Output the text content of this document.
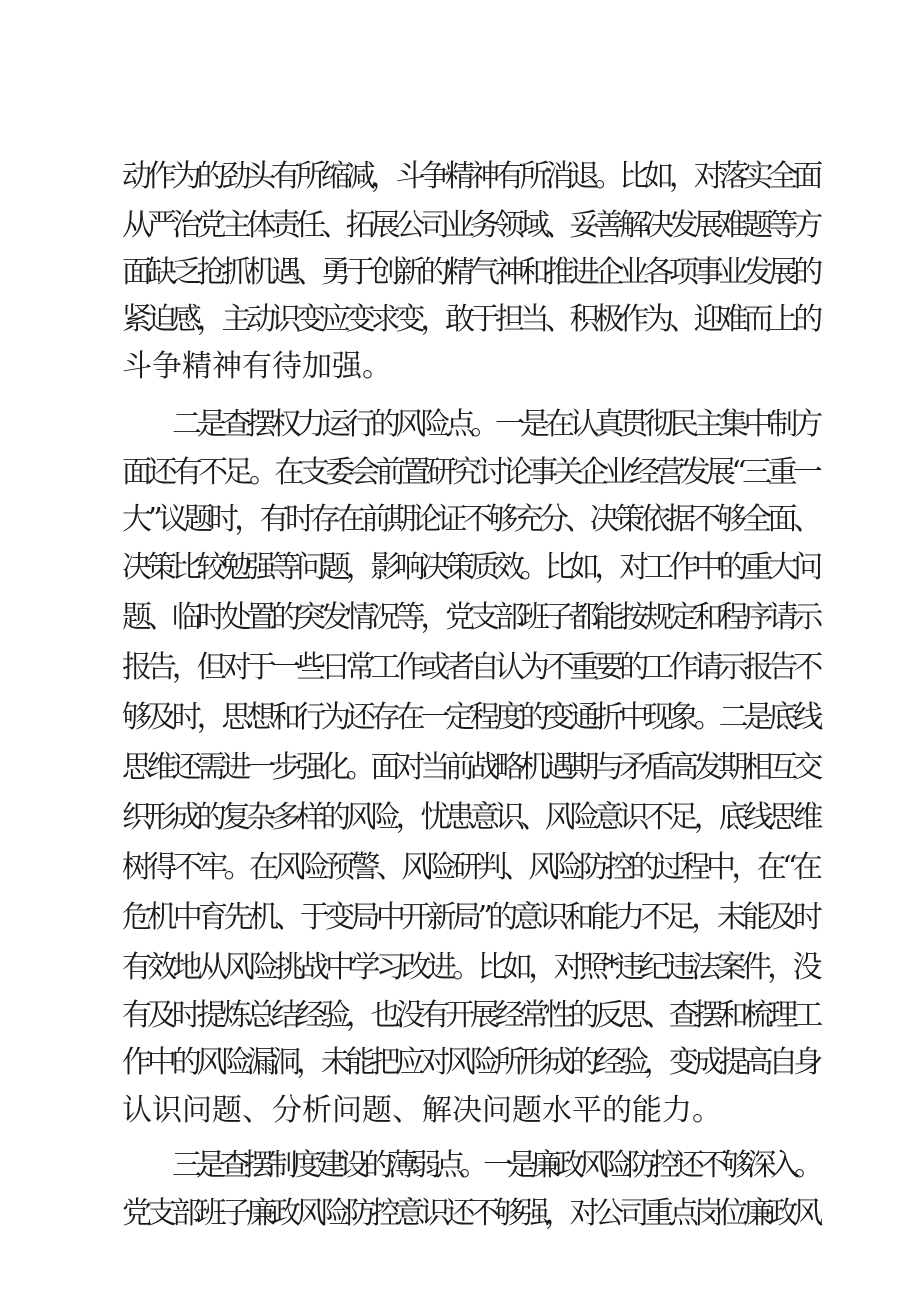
动作为的劲头有所缩减，斗争精神有所消退。比如，对落实全面
从严治党主体责任、拓展公司业务领域、妥善解决发展难题等方
面缺乏抢抓机遇、勇于创新的精气神和推进企业各项事业发展的
紧迫感，主动识变应变求变，敢于担当、积极作为、迎难而上的
斗争精神有待加强。
二是查摆权力运行的风险点。一是在认真贯彻民主集中制方
面还有不足。在支委会前置研究讨论事关企业经营发展“三重一
大”议题时，有时存在前期论证不够充分、决策依据不够全面、
决策比较勉强等问题，影响决策质效。比如，对工作中的重大问
题、临时处置的突发情况等，党支部班子都能按规定和程序请示
报告，但对于一些日常工作或者自认为不重要的工作请示报告不
够及时，思想和行为还存在一定程度的变通折中现象。二是底线
思维还需进一步强化。面对当前战略机遇期与矛盾高发期相互交
织形成的复杂多样的风险，忧患意识、风险意识不足，底线思维
树得不牢。在风险预警、风险研判、风险防控的过程中，在“在
危机中育先机、于变局中开新局”的意识和能力不足，未能及时
有效地从风险挑战中学习改进。比如，对照*违纪违法案件，没
有及时提炼总结经验，也没有开展经常性的反思、查摆和梳理工
作中的风险漏洞，未能把应对风险所形成的经验，变成提高自身
认识问题、分析问题、解决问题水平的能力。
三是查摆制度建设的薄弱点。一是廉政风险防控还不够深入。
党支部班子廉政风险防控意识还不够强，对公司重点岗位廉政风
